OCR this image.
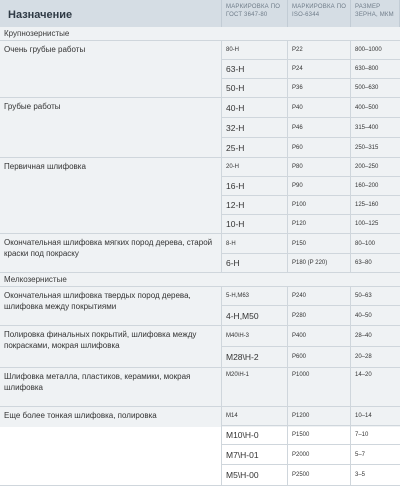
Назначение
МАРКИРОВКА ПО ГОСТ 3647-80
МАРКИРОВКА ПО ISO-6344
РАЗМЕР ЗЕРНА, МКМ
Крупнозернистые
Очень грубые работы	80-Н	P22	800–1000
63-Н	P24	630–800
50-Н	P36	500–630
Грубые работы	40-Н	P40	400–500
32-Н	P46	315–400
25-Н	P60	250–315
Первичная шлифовка	20-Н	P80	200–250
16-Н	P90	160–200
12-Н	P100	125–160
10-Н	P120	100–125
Окончательная шлифовка мягких пород дерева, старой краски под покраску
8-Н	P150	80–100
6-Н	P180 (P 220)	63–80
Мелкозернистые
Окончательная шлифовка твердых пород дерева, шлифовка между покрытиями
5-Н,М63	P240	50–63
4-Н,М50	P280	40–50
Полировка финальных покрытий, шлифовка между покрасками, мокрая шлифовка
М40\Н-3	P400	28–40
М28\Н-2	P600	20–28
Шлифовка металла, пластиков, керамики, мокрая шлифовка
М20\Н-1	P1000	14–20
Еще более тонкая шлифовка, полировка	М14	P1200	10–14
М10\Н-0	P1500	7–10
М7\Н-01	P2000	5–7
М5\Н-00	P2500	3–5
